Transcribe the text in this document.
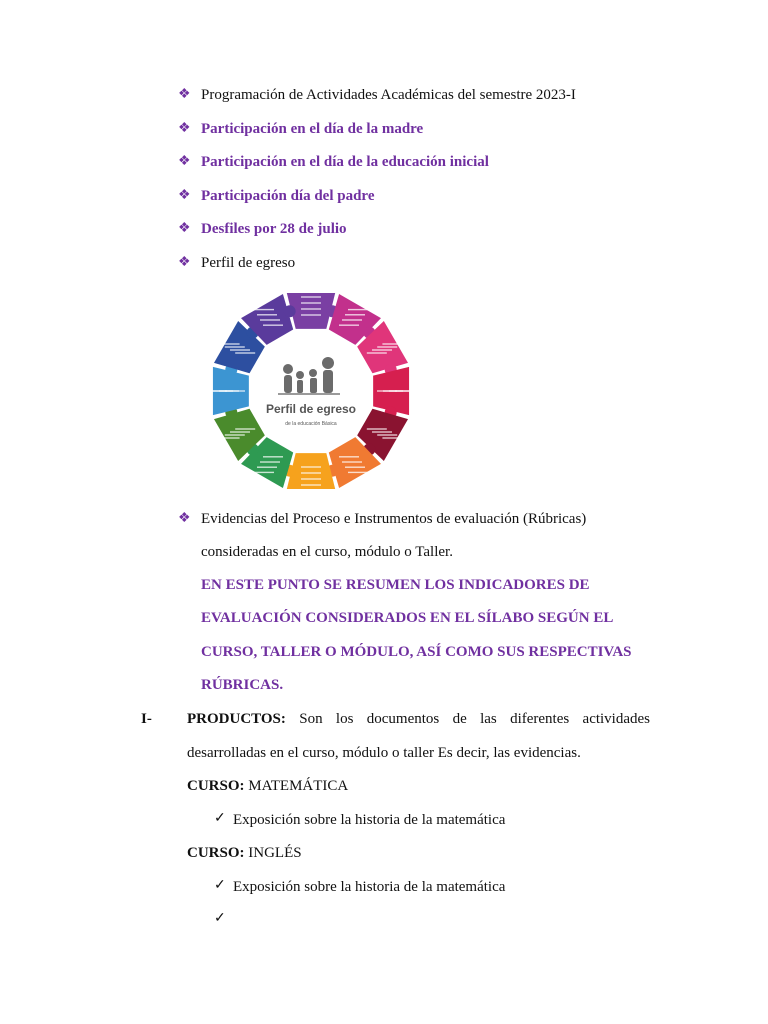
❖ Programación de Actividades Académicas del semestre 2023-I
❖ Participación en el día de la madre
❖ Participación en el día de la educación inicial
❖ Participación día del padre
❖ Desfiles por 28 de julio
❖ Perfil de egreso
Perfil de egreso
de la educación Básica
❖ Evidencias del Proceso e Instrumentos de evaluación (Rúbricas)
consideradas en el curso, módulo o Taller.
EN ESTE PUNTO SE RESUMEN LOS INDICADORES DE
EVALUACIÓN CONSIDERADOS EN EL SÍLABO SEGÚN EL
CURSO, TALLER O MÓDULO, ASÍ COMO SUS RESPECTIVAS
RÚBRICAS.
I- PRODUCTOS: Son los documentos de las diferentes actividades
desarrolladas en el curso, módulo o taller Es decir, las evidencias.
CURSO: MATEMÁTICA
✓ Exposición sobre la historia de la matemática
CURSO: INGLÉS
✓ Exposición sobre la historia de la matemática
✓
